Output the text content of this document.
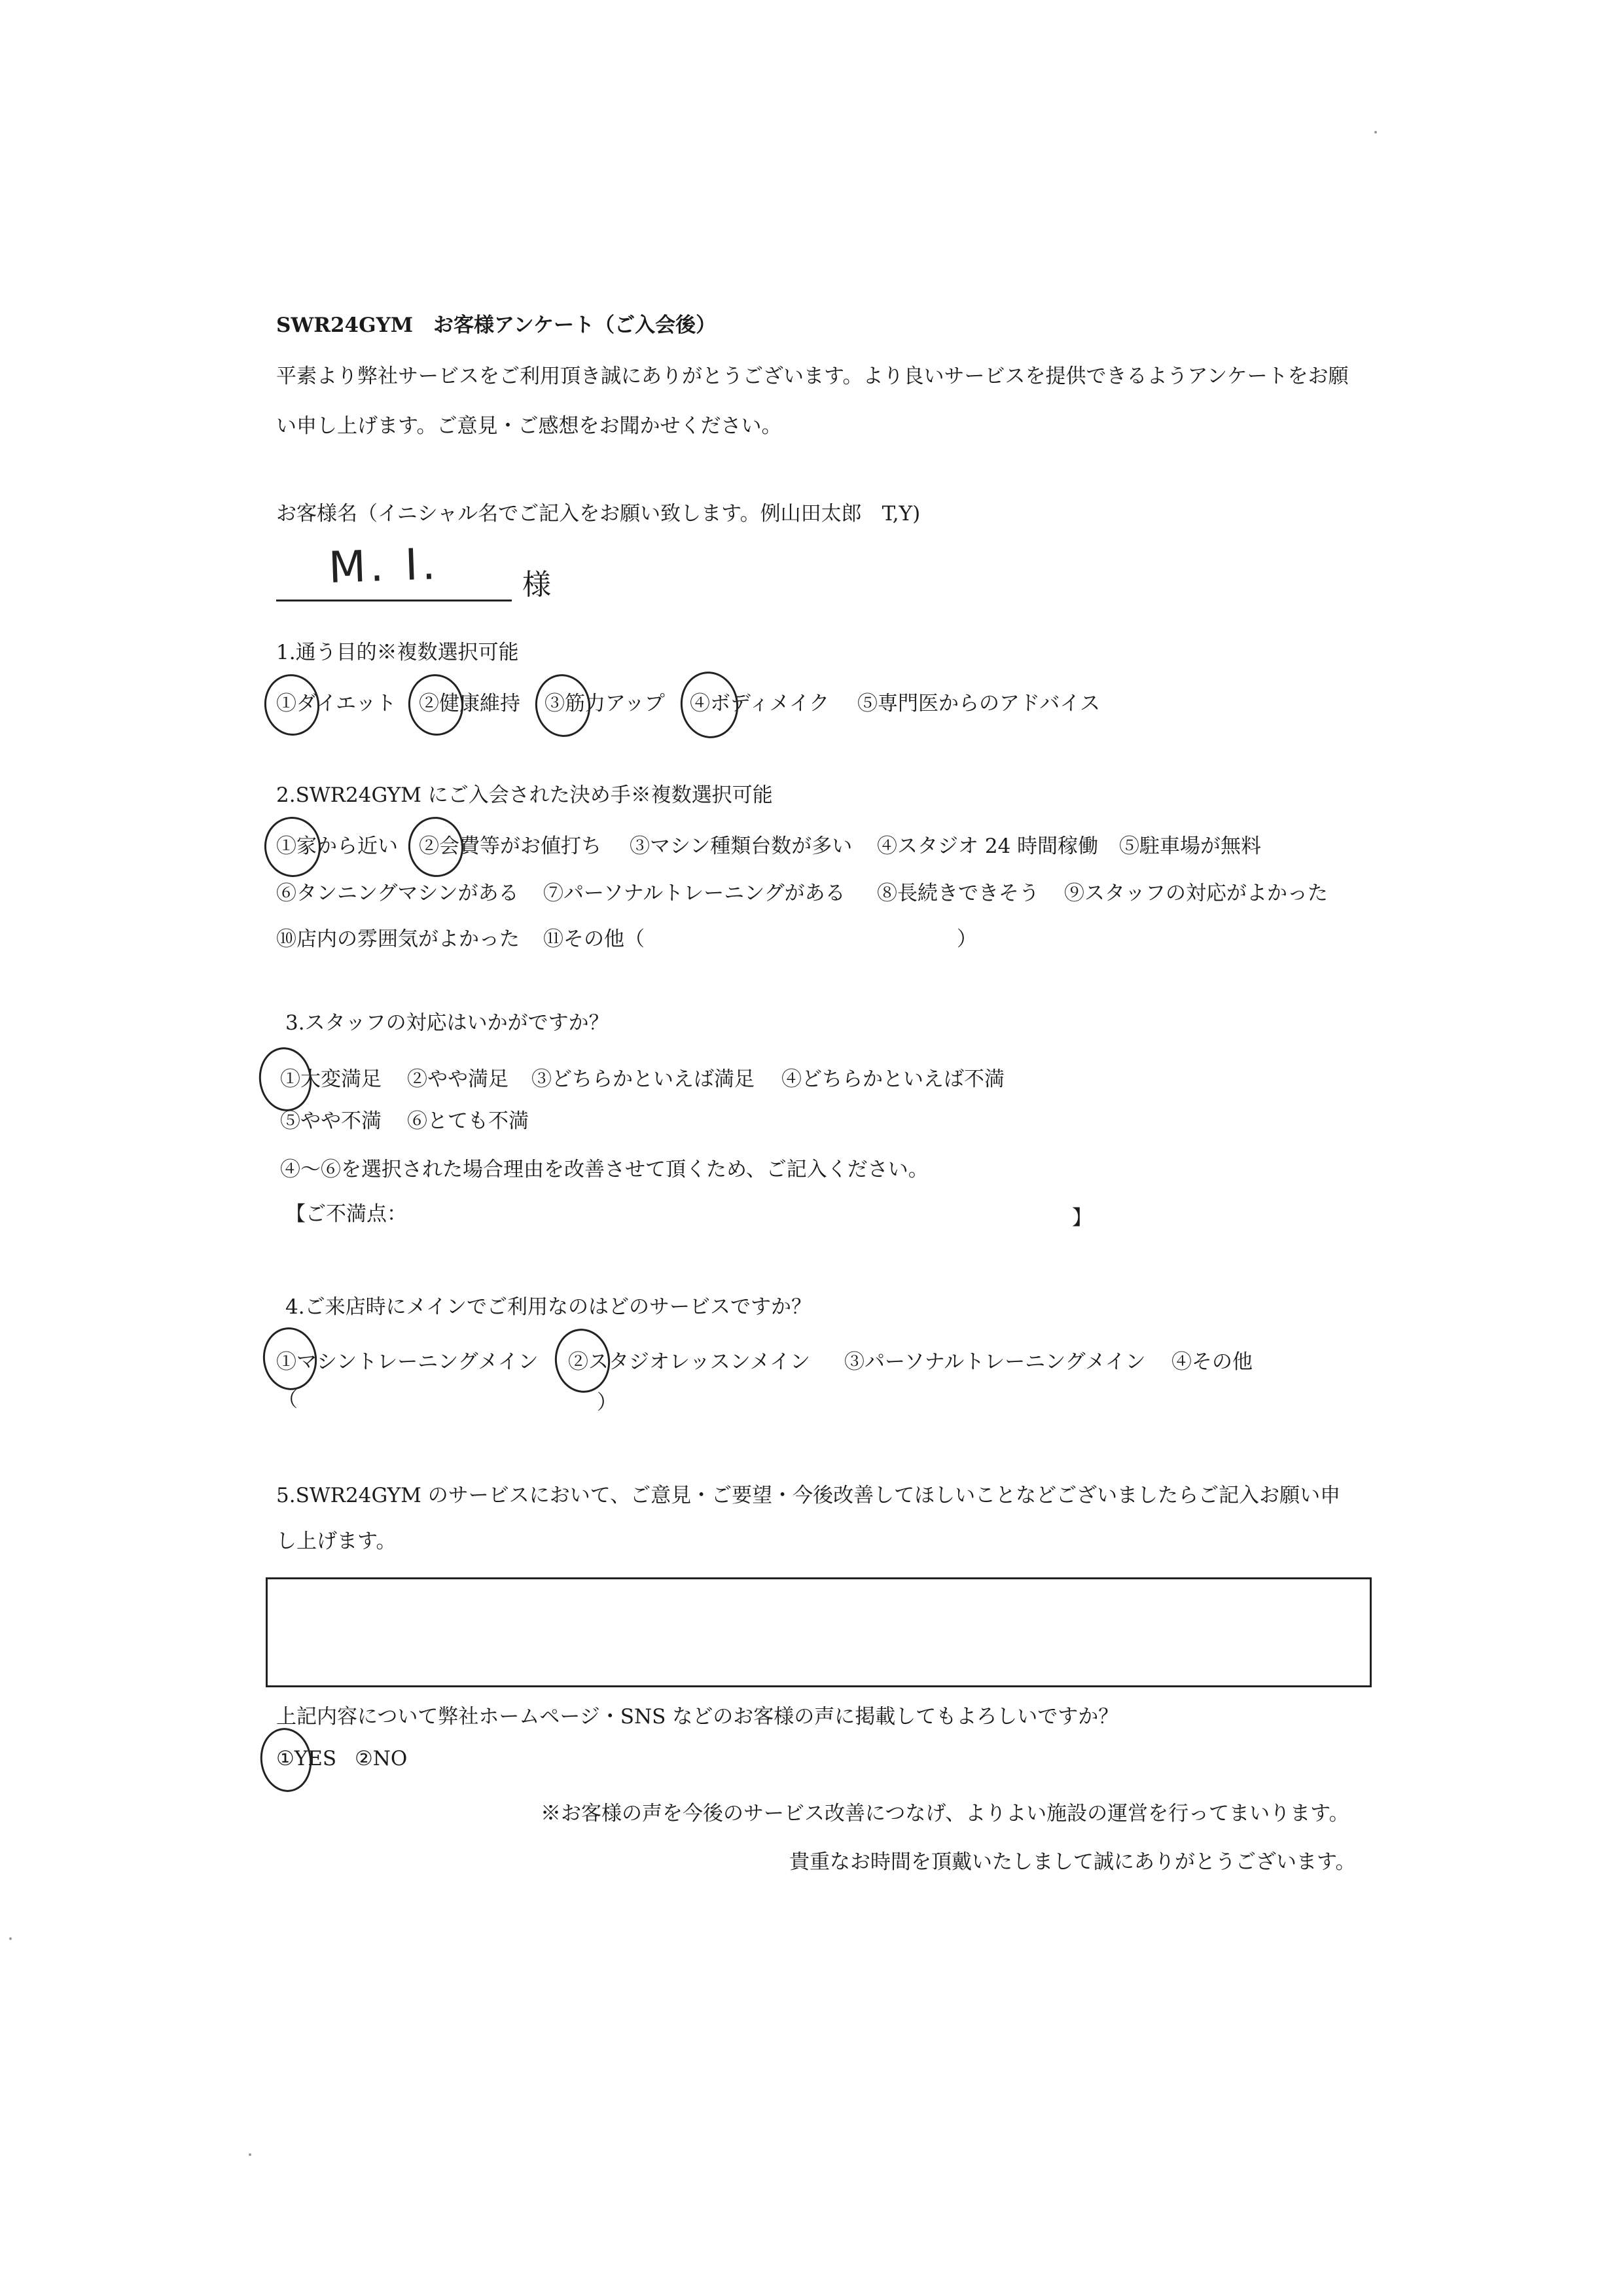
SWR24GYM　お客様アンケート（ご入会後）
平素より弊社サービスをご利用頂き誠にありがとうございます。より良いサービスを提供できるようアンケートをお願
い申し上げます。ご意見・ご感想をお聞かせください。
お客様名（イニシャル名でご記入をお願い致します。例山田太郎　T,Y)
M. I.	様
1.通う目的※複数選択可能
①ダイエット ②健康維持 ③筋力アップ ④ボディメイク ⑤専門医からのアドバイス
2.SWR24GYM にご入会された決め手※複数選択可能
①家から近い ②会費等がお値打ち ③マシン種類台数が多い ④スタジオ 24 時間稼働 ⑤駐車場が無料
⑥タンニングマシンがある ⑦パーソナルトレーニングがある ⑧長続きできそう ⑨スタッフの対応がよかった
⑩店内の雰囲気がよかった ⑪その他（	）
3.スタッフの対応はいかがですか？
①大変満足 ②やや満足 ③どちらかといえば満足 ④どちらかといえば不満
⑤やや不満 ⑥とても不満
④～⑥を選択された場合理由を改善させて頂くため、ご記入ください。
【ご不満点：	】
4.ご来店時にメインでご利用なのはどのサービスですか？
①マシントレーニングメイン ②スタジオレッスンメイン ③パーソナルトレーニングメイン ④その他
（	）
5.SWR24GYM のサービスにおいて、ご意見・ご要望・今後改善してほしいことなどございましたらご記入お願い申
し上げます。
上記内容について弊社ホームページ・SNS などのお客様の声に掲載してもよろしいですか？
①YES ②NO
※お客様の声を今後のサービス改善につなげ、よりよい施設の運営を行ってまいります。
貴重なお時間を頂戴いたしまして誠にありがとうございます。
